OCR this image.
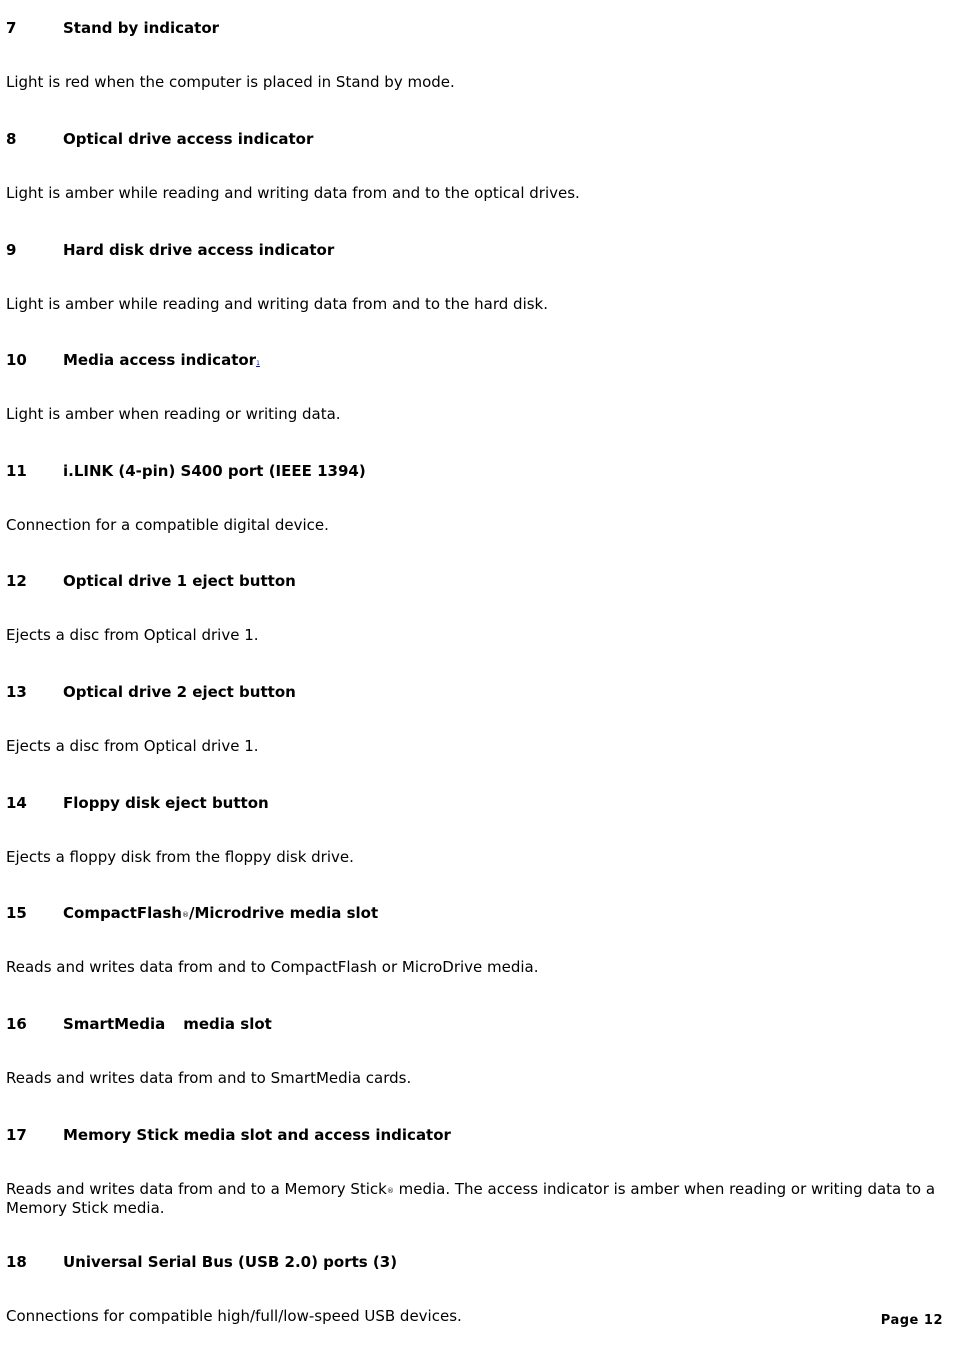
7	Stand by indicator
Light is red when the computer is placed in Stand by mode.
8	Optical drive access indicator
Light is amber while reading and writing data from and to the optical drives.
9	Hard disk drive access indicator
Light is amber while reading and writing data from and to the hard disk.
10 Media access indicator1
Light is amber when reading or writing data.
11 i.LINK (4-pin) S400 port (IEEE 1394)
Connection for a compatible digital device.
12 Optical drive 1 eject button
Ejects a disc from Optical drive 1.
13 Optical drive 2 eject button
Ejects a disc from Optical drive 1.
14 Floppy disk eject button
Ejects a floppy disk from the floppy disk drive.
15 CompactFlash®/Microdrive media slot
Reads and writes data from and to CompactFlash or MicroDrive media.
16 SmartMedia media slot
Reads and writes data from and to SmartMedia cards.
17 Memory Stick media slot and access indicator
Reads and writes data from and to a Memory Stick® media. The access indicator is amber when reading or writing data to a Memory Stick media.
18 Universal Serial Bus (USB 2.0) ports (3)
Connections for compatible high/full/low-speed USB devices.	Page 12
